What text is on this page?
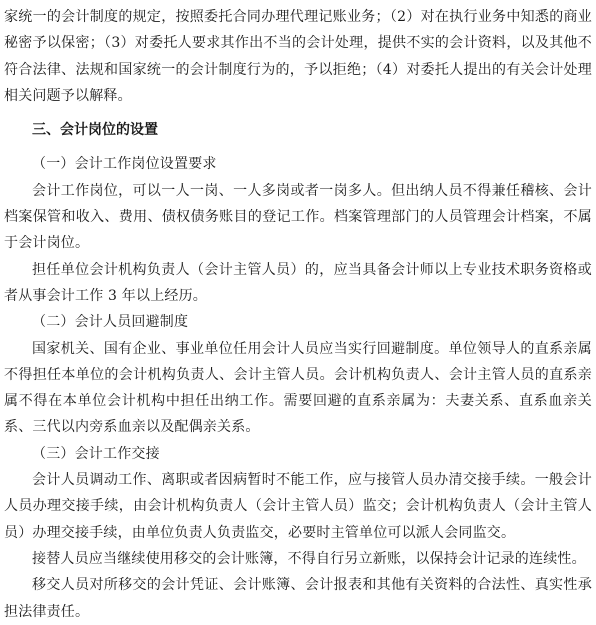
家统一的会计制度的规定，按照委托合同办理代理记账业务；（2）对在执行业务中知悉的商业秘密予以保密；（3）对委托人要求其作出不当的会计处理，提供不实的会计资料，以及其他不符合法律、法规和国家统一的会计制度行为的，予以拒绝；（4）对委托人提出的有关会计处理相关问题予以解释。

三、会计岗位的设置

（一）会计工作岗位设置要求

会计工作岗位，可以一人一岗、一人多岗或者一岗多人。但出纳人员不得兼任稽核、会计档案保管和收入、费用、债权债务账目的登记工作。档案管理部门的人员管理会计档案，不属于会计岗位。

担任单位会计机构负责人（会计主管人员）的，应当具备会计师以上专业技术职务资格或者从事会计工作 3 年以上经历。

（二）会计人员回避制度

国家机关、国有企业、事业单位任用会计人员应当实行回避制度。单位领导人的直系亲属不得担任本单位的会计机构负责人、会计主管人员。会计机构负责人、会计主管人员的直系亲属不得在本单位会计机构中担任出纳工作。需要回避的直系亲属为：夫妻关系、直系血亲关系、三代以内旁系血亲以及配偶亲关系。

（三）会计工作交接

会计人员调动工作、离职或者因病暂时不能工作，应与接管人员办清交接手续。一般会计人员办理交接手续，由会计机构负责人（会计主管人员）监交；会计机构负责人（会计主管人员）办理交接手续，由单位负责人负责监交，必要时主管单位可以派人会同监交。

接替人员应当继续使用移交的会计账簿，不得自行另立新账，以保持会计记录的连续性。

移交人员对所移交的会计凭证、会计账簿、会计报表和其他有关资料的合法性、真实性承担法律责任。
